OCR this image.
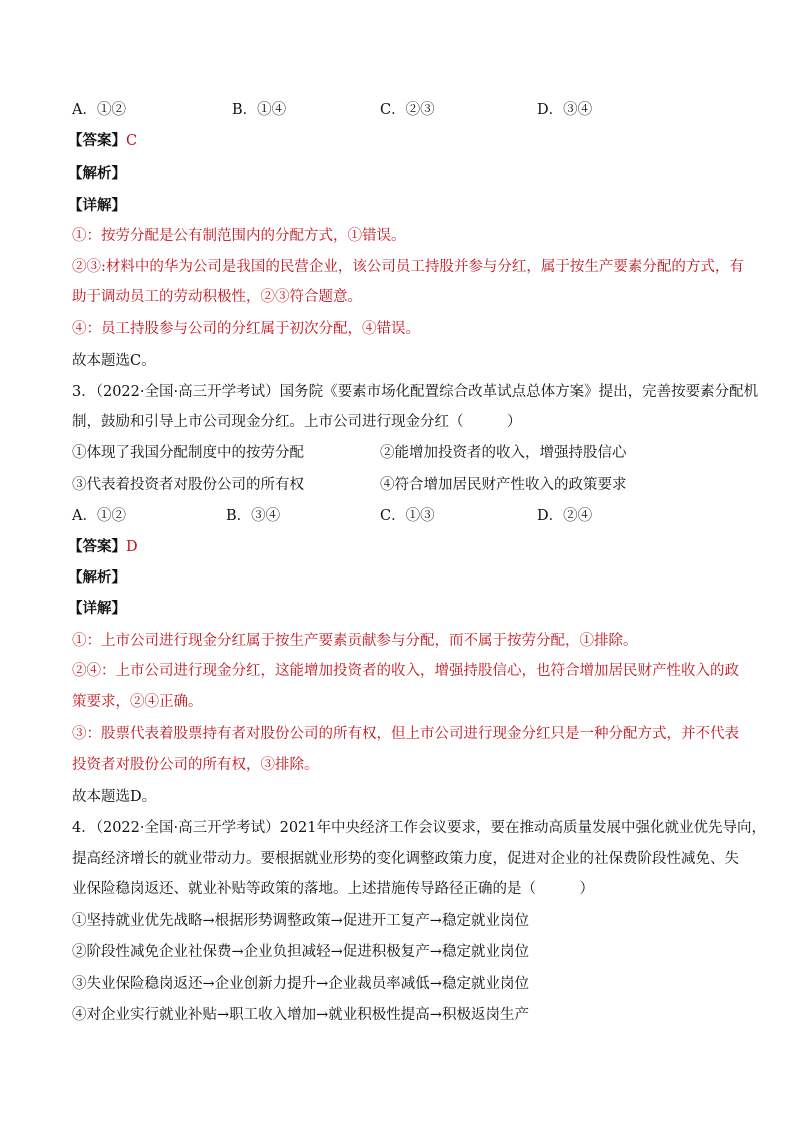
A．①②	B．①④	C．②③	D．③④
【答案】C
【解析】
【详解】
①：按劳分配是公有制范围内的分配方式，①错误。
②③:材料中的华为公司是我国的民营企业，该公司员工持股并参与分红，属于按生产要素分配的方式，有
助于调动员工的劳动积极性，②③符合题意。
④：员工持股参与公司的分红属于初次分配，④错误。
故本题选C。
3．（2022·全国·高三开学考试）国务院《要素市场化配置综合改革试点总体方案》提出，完善按要素分配机
制，鼓励和引导上市公司现金分红。上市公司进行现金分红（　　　）
①体现了我国分配制度中的按劳分配	②能增加投资者的收入，增强持股信心
③代表着投资者对股份公司的所有权	④符合增加居民财产性收入的政策要求
A．①②	B．③④	C．①③	D．②④
【答案】D
【解析】
【详解】
①：上市公司进行现金分红属于按生产要素贡献参与分配，而不属于按劳分配，①排除。
②④：上市公司进行现金分红，这能增加投资者的收入，增强持股信心，也符合增加居民财产性收入的政
策要求，②④正确。
③：股票代表着股票持有者对股份公司的所有权，但上市公司进行现金分红只是一种分配方式，并不代表
投资者对股份公司的所有权，③排除。
故本题选D。
4．（2022·全国·高三开学考试）2021年中央经济工作会议要求，要在推动高质量发展中强化就业优先导向，
提高经济增长的就业带动力。要根据就业形势的变化调整政策力度，促进对企业的社保费阶段性减免、失
业保险稳岗返还、就业补贴等政策的落地。上述措施传导路径正确的是（　　　）
①坚持就业优先战略→根据形势调整政策→促进开工复产→稳定就业岗位
②阶段性减免企业社保费→企业负担减轻→促进积极复产→稳定就业岗位
③失业保险稳岗返还→企业创新力提升→企业裁员率减低→稳定就业岗位
④对企业实行就业补贴→职工收入增加→就业积极性提高→积极返岗生产
